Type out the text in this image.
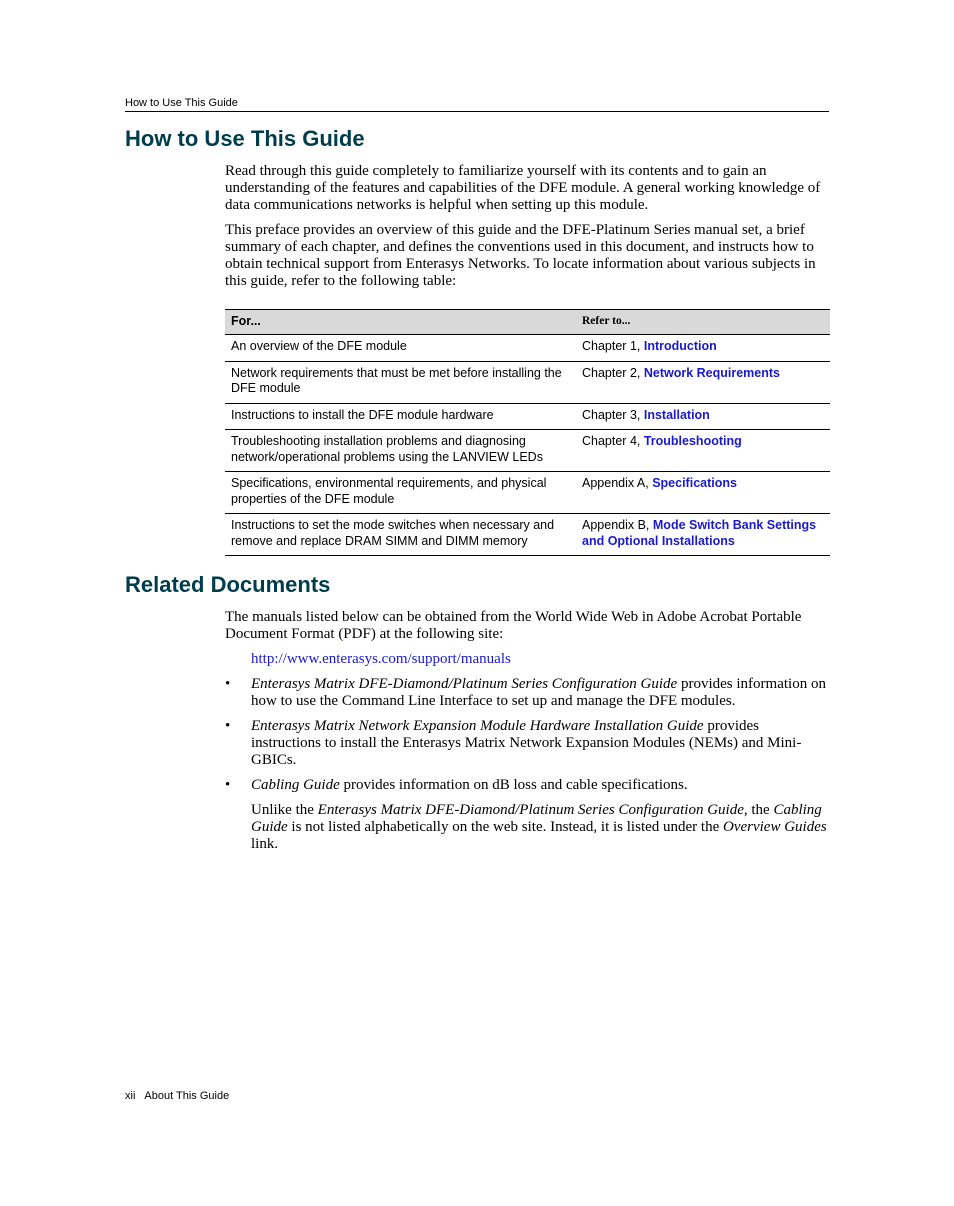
How to Use This Guide
How to Use This Guide

Read through this guide completely to familiarize yourself with its contents and to gain an understanding of the features and capabilities of the DFE module. A general working knowledge of data communications networks is helpful when setting up this module.

This preface provides an overview of this guide and the DFE-Platinum Series manual set, a brief summary of each chapter, and defines the conventions used in this document, and instructs how to obtain technical support from Enterasys Networks. To locate information about various subjects in this guide, refer to the following table:

For...	Refer to...
An overview of the DFE module	Chapter 1, Introduction
Network requirements that must be met before installing the DFE module	Chapter 2, Network Requirements
Instructions to install the DFE module hardware	Chapter 3, Installation
Troubleshooting installation problems and diagnosing network/operational problems using the LANVIEW LEDs	Chapter 4, Troubleshooting
Specifications, environmental requirements, and physical properties of the DFE module	Appendix A, Specifications
Instructions to set the mode switches when necessary and remove and replace DRAM SIMM and DIMM memory	Appendix B, Mode Switch Bank Settings and Optional Installations
Related Documents

The manuals listed below can be obtained from the World Wide Web in Adobe Acrobat Portable Document Format (PDF) at the following site:

http://www.enterasys.com/support/manuals

• Enterasys Matrix DFE-Diamond/Platinum Series Configuration Guide provides information on how to use the Command Line Interface to set up and manage the DFE modules.
• Enterasys Matrix Network Expansion Module Hardware Installation Guide provides instructions to install the Enterasys Matrix Network Expansion Modules (NEMs) and Mini-GBICs.
• Cabling Guide provides information on dB loss and cable specifications.
Unlike the Enterasys Matrix DFE-Diamond/Platinum Series Configuration Guide, the Cabling Guide is not listed alphabetically on the web site. Instead, it is listed under the Overview Guides link.
xii About This Guide
